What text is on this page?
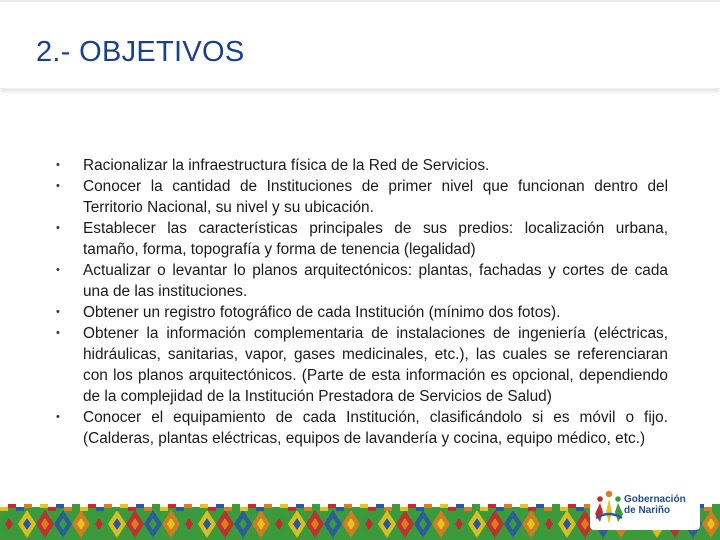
2.- OBJETIVOS
• Racionalizar la infraestructura física de la Red de Servicios.
• Conocer la cantidad de Instituciones de primer nivel que funcionan dentro del Territorio Nacional, su nivel y su ubicación.
• Establecer las características principales de sus predios: localización urbana, tamaño, forma, topografía y forma de tenencia (legalidad)
• Actualizar o levantar lo planos arquitectónicos: plantas, fachadas y cortes de cada una de las instituciones.
• Obtener un registro fotográfico de cada Institución (mínimo dos fotos).
• Obtener la información complementaria de instalaciones de ingeniería (eléctricas, hidráulicas, sanitarias, vapor, gases medicinales, etc.), las cuales se referenciaran con los planos arquitectónicos. (Parte de esta información es opcional, dependiendo de la complejidad de la Institución Prestadora de Servicios de Salud)
• Conocer el equipamiento de cada Institución, clasificándolo si es móvil o fijo. (Calderas, plantas eléctricas, equipos de lavandería y cocina, equipo médico, etc.)
Gobernación
de Nariño
